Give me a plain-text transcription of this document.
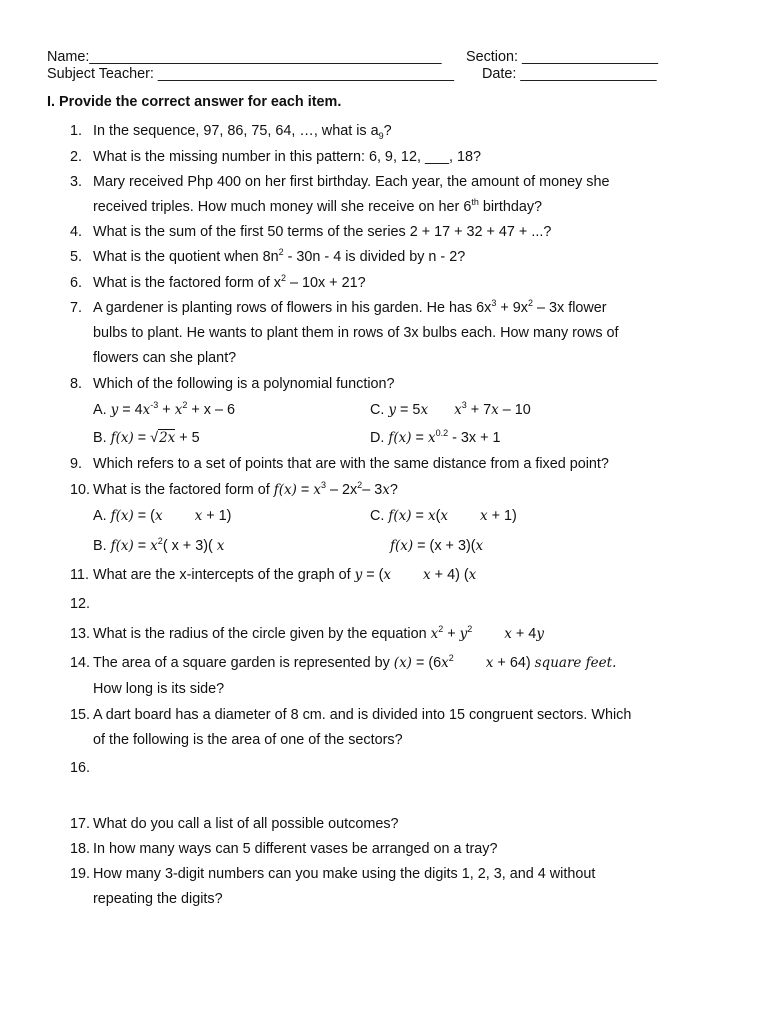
Name:____________________________________________ Section: _________________
Subject Teacher: _____________________________________ Date: _________________
I. Provide the correct answer for each item.
1. In the sequence, 97, 86, 75, 64, …, what is $a_9$?
2. What is the missing number in this pattern: 6, 9, 12, ___, 18?
3. Mary received Php 400 on her first birthday. Each year, the amount of money she
received triples. How much money will she receive on her 6th birthday?
4. What is the sum of the first 50 terms of the series 2 + 17 + 32 + 47 + ...?
5. What is the quotient when $8n^2 - 30n - 4$ is divided by n - 2?
6. What is the factored form of $x^2 - 10x + 21$?
7. A gardener is planting rows of flowers in his garden. He has $6x^3 + 9x^2 - 3x$ flower
bulbs to plant. He wants to plant them in rows of 3x bulbs each. How many rows of
flowers can she plant?
8. Which of the following is a polynomial function?
A. $y = 4x^{-3} + x^2 + x - 6$	C. y = 5x $x^3 + 7x - 10$
B. f(x) = √2x + 5	D. $f(x) = x^{0.2} - 3x + 1$
9. Which refers to a set of points that are with the same distance from a fixed point?
10. What is the factored form of $f(x) = x^3 - 2x^2-$ 3x?
A. f(x) = (x x + 1)	C. f(x) = x(x x + 1)
B. $f(x) = x^2$( x + 3)( x	f(x) = (x + 3)(x
11. What are the x-intercepts of the graph of y = (x x + 4) (x
12.
13. What is the radius of the circle given by the equation $x^2 + y^2$ x + 4y
14. The area of a square garden is represented by $(x) = (6x^2$ x + 64) square feet.
How long is its side?
15. A dart board has a diameter of 8 cm. and is divided into 15 congruent sectors. Which
of the following is the area of one of the sectors?
16.
17. What do you call a list of all possible outcomes?
18. In how many ways can 5 different vases be arranged on a tray?
19. How many 3-digit numbers can you make using the digits 1, 2, 3, and 4 without
repeating the digits?
